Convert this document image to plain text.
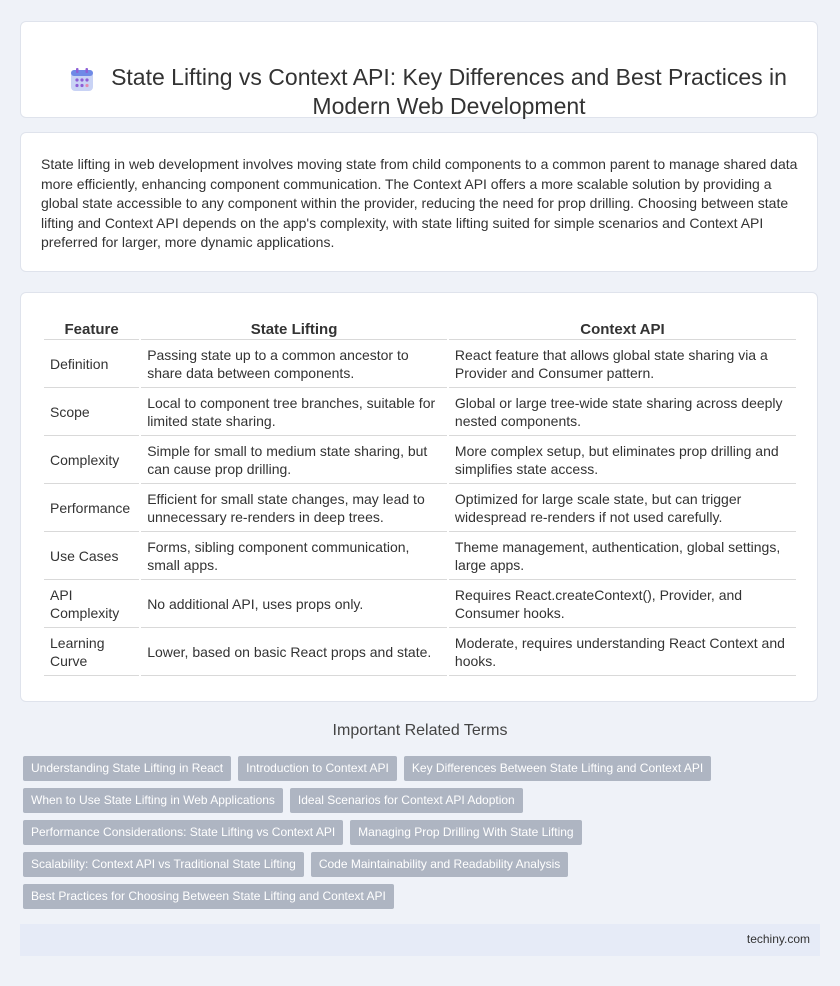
State Lifting vs Context API: Key Differences and Best Practices in Modern Web Development

State lifting in web development involves moving state from child components to a common parent to manage shared data more efficiently, enhancing component communication. The Context API offers a more scalable solution by providing a global state accessible to any component within the provider, reducing the need for prop drilling. Choosing between state lifting and Context API depends on the app's complexity, with state lifting suited for simple scenarios and Context API preferred for larger, more dynamic applications.

Feature	State Lifting	Context API
Definition	Passing state up to a common ancestor to share data between components.	React feature that allows global state sharing via a Provider and Consumer pattern.
Scope	Local to component tree branches, suitable for limited state sharing.	Global or large tree-wide state sharing across deeply nested components.
Complexity	Simple for small to medium state sharing, but can cause prop drilling.	More complex setup, but eliminates prop drilling and simplifies state access.
Performance	Efficient for small state changes, may lead to unnecessary re-renders in deep trees.	Optimized for large scale state, but can trigger widespread re-renders if not used carefully.
Use Cases	Forms, sibling component communication, small apps.	Theme management, authentication, global settings, large apps.
API Complexity	No additional API, uses props only.	Requires React.createContext(), Provider, and Consumer hooks.
Learning Curve	Lower, based on basic React props and state.	Moderate, requires understanding React Context and hooks.
Important Related Terms
Understanding State Lifting in React	Introduction to Context API	Key Differences Between State Lifting and Context API
When to Use State Lifting in Web Applications	Ideal Scenarios for Context API Adoption
Performance Considerations: State Lifting vs Context API	Managing Prop Drilling With State Lifting
Scalability: Context API vs Traditional State Lifting	Code Maintainability and Readability Analysis
Best Practices for Choosing Between State Lifting and Context API
techiny.com
